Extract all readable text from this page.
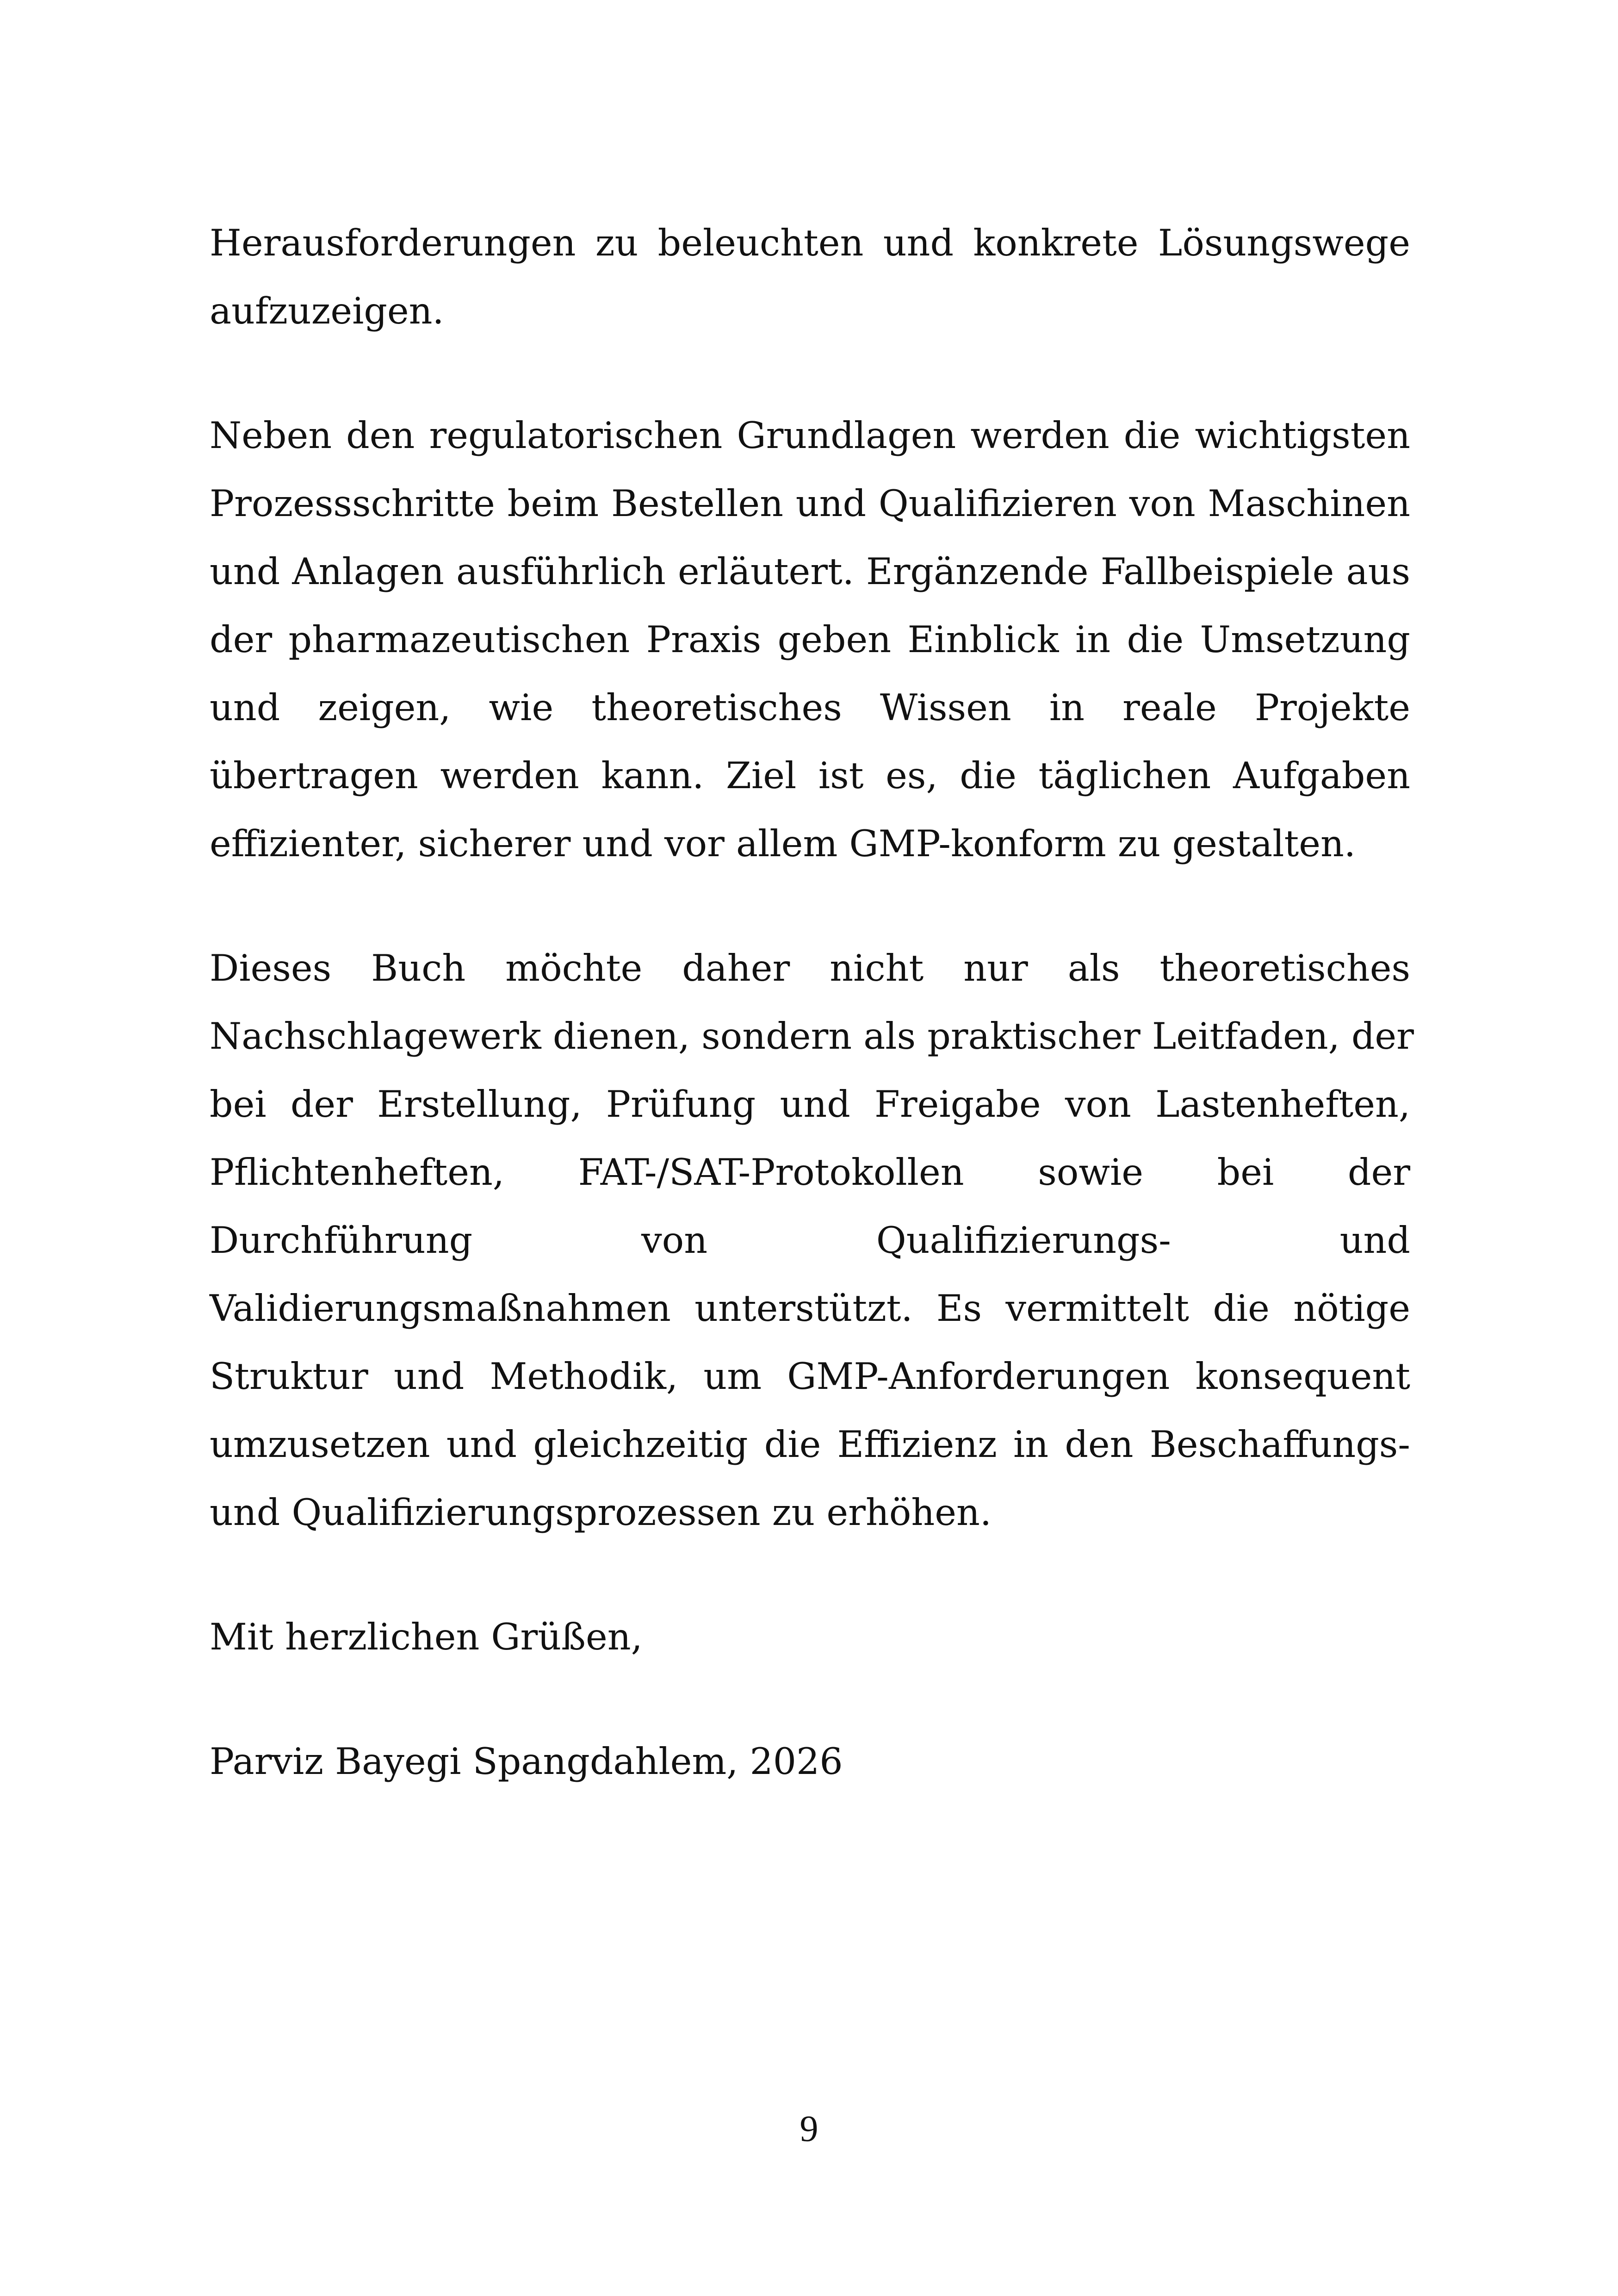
Herausforderungen zu beleuchten und konkrete Lösungswege
aufzuzeigen.
Neben den regulatorischen Grundlagen werden die wichtigsten
Prozessschritte beim Bestellen und Qualifizieren von Maschinen
und Anlagen ausführlich erläutert. Ergänzende Fallbeispiele aus
der pharmazeutischen Praxis geben Einblick in die Umsetzung
und zeigen, wie theoretisches Wissen in reale Projekte
übertragen werden kann. Ziel ist es, die täglichen Aufgaben
effizienter, sicherer und vor allem GMP-konform zu gestalten.
Dieses Buch möchte daher nicht nur als theoretisches
Nachschlagewerk dienen, sondern als praktischer Leitfaden, der
bei der Erstellung, Prüfung und Freigabe von Lastenheften,
Pflichtenheften, FAT-/SAT-Protokollen sowie bei der
Durchführung von Qualifizierungs- und
Validierungsmaßnahmen unterstützt. Es vermittelt die nötige
Struktur und Methodik, um GMP-Anforderungen konsequent
umzusetzen und gleichzeitig die Effizienz in den Beschaffungs-
und Qualifizierungsprozessen zu erhöhen.
Mit herzlichen Grüßen,
Parviz Bayegi Spangdahlem, 2026
9
